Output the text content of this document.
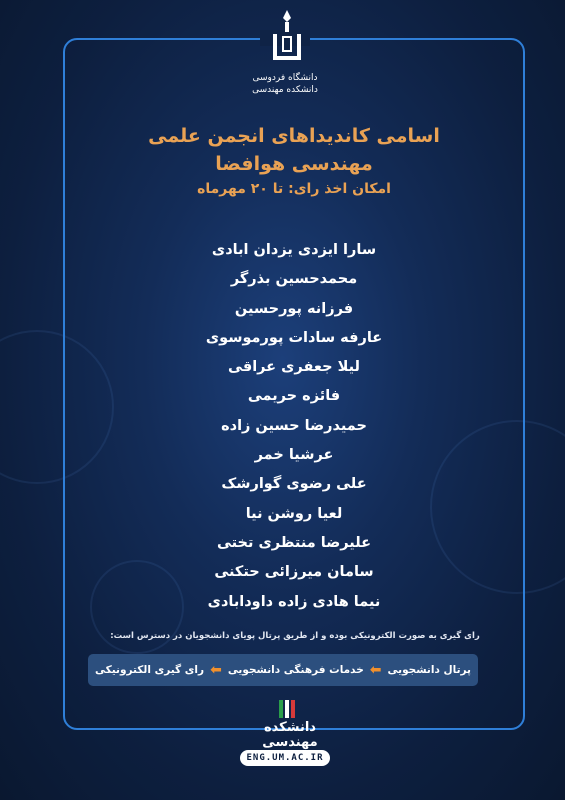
دانشگاه فردوسی
دانشکده مهندسی
اسامی کاندیداهای انجمن علمی
مهندسی هوافضا
امکان اخذ رای: تا ۲۰ مهرماه
سارا ایزدی یزدان ابادی
محمدحسین بذرگر
فرزانه پورحسین
عارفه سادات پورموسوی
لیلا جعفری عراقی
فائزه حریمی
حمیدرضا حسین زاده
عرشیا خمر
علی رضوی گوارشک
لعیا روشن نیا
علیرضا منتظری تختی
سامان میرزائی حتکنی
نیما هادی زاده داودابادی
رای گیری به صورت الکترونیکی بوده و از طریق پرتال پویای دانشجویان در دسترس است:
پرتال دانشجویی
⬅
خدمات فرهنگی دانشجویی
⬅
رای گیری الکترونیکی
دانشکده مهندسی
ENG.UM.AC.IR
